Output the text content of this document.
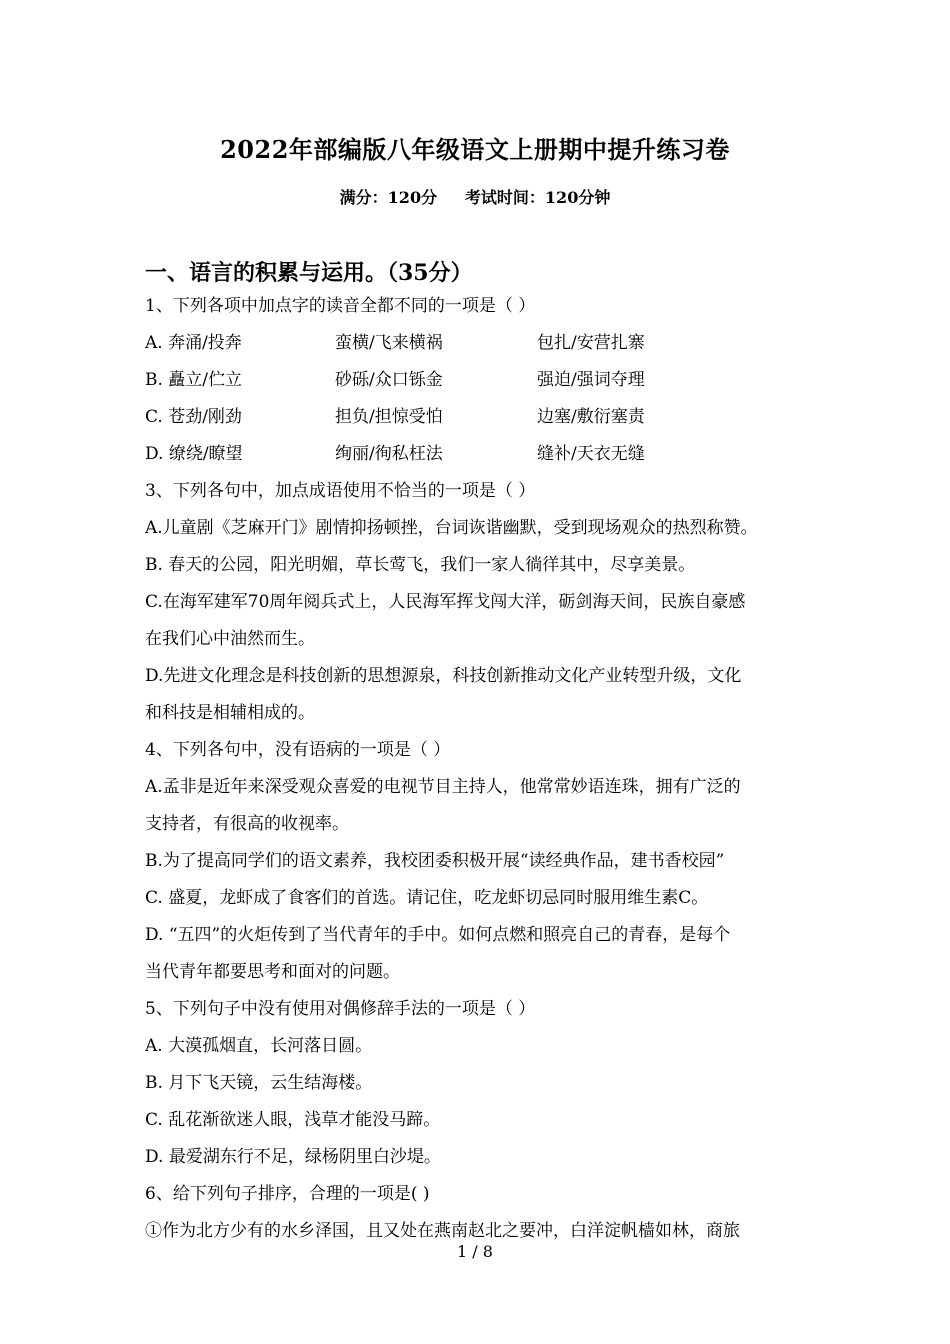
2022年部编版八年级语文上册期中提升练习卷
满分：120分     考试时间：120分钟
一、语言的积累与运用。（35分）
1、下列各项中加点字的读音全都不同的一项是（ ）
A. 奔涌/投奔	蛮横/飞来横祸	包扎/安营扎寨
B. 矗立/伫立	砂砾/众口铄金	强迫/强词夺理
C. 苍劲/刚劲	担负/担惊受怕	边塞/敷衍塞责
D. 缭绕/瞭望	绚丽/徇私枉法	缝补/天衣无缝
3、下列各句中，加点成语使用不恰当的一项是（ ）
A.儿童剧《芝麻开门》剧情抑扬顿挫，台词诙谐幽默，受到现场观众的热烈称赞。
B. 春天的公园，阳光明媚，草长莺飞，我们一家人徜徉其中，尽享美景。
C.在海军建军70周年阅兵式上，人民海军挥戈闯大洋，砺剑海天间，民族自豪感
在我们心中油然而生。
D.先进文化理念是科技创新的思想源泉，科技创新推动文化产业转型升级，文化
和科技是相辅相成的。
4、下列各句中，没有语病的一项是（ ）
A.孟非是近年来深受观众喜爱的电视节目主持人，他常常妙语连珠，拥有广泛的
支持者，有很高的收视率。
B.为了提高同学们的语文素养，我校团委积极开展“读经典作品，建书香校园”
C. 盛夏，龙虾成了食客们的首选。请记住，吃龙虾切忌同时服用维生素C。
D. “五四”的火炬传到了当代青年的手中。如何点燃和照亮自己的青春，是每个
当代青年都要思考和面对的问题。
5、下列句子中没有使用对偶修辞手法的一项是（ ）
A. 大漠孤烟直，长河落日圆。
B. 月下飞天镜，云生结海楼。
C. 乱花渐欲迷人眼，浅草才能没马蹄。
D. 最爱湖东行不足，绿杨阴里白沙堤。
6、给下列句子排序，合理的一项是( )
①作为北方少有的水乡泽国，且又处在燕南赵北之要冲，白洋淀帆樯如林，商旅
1 / 8
